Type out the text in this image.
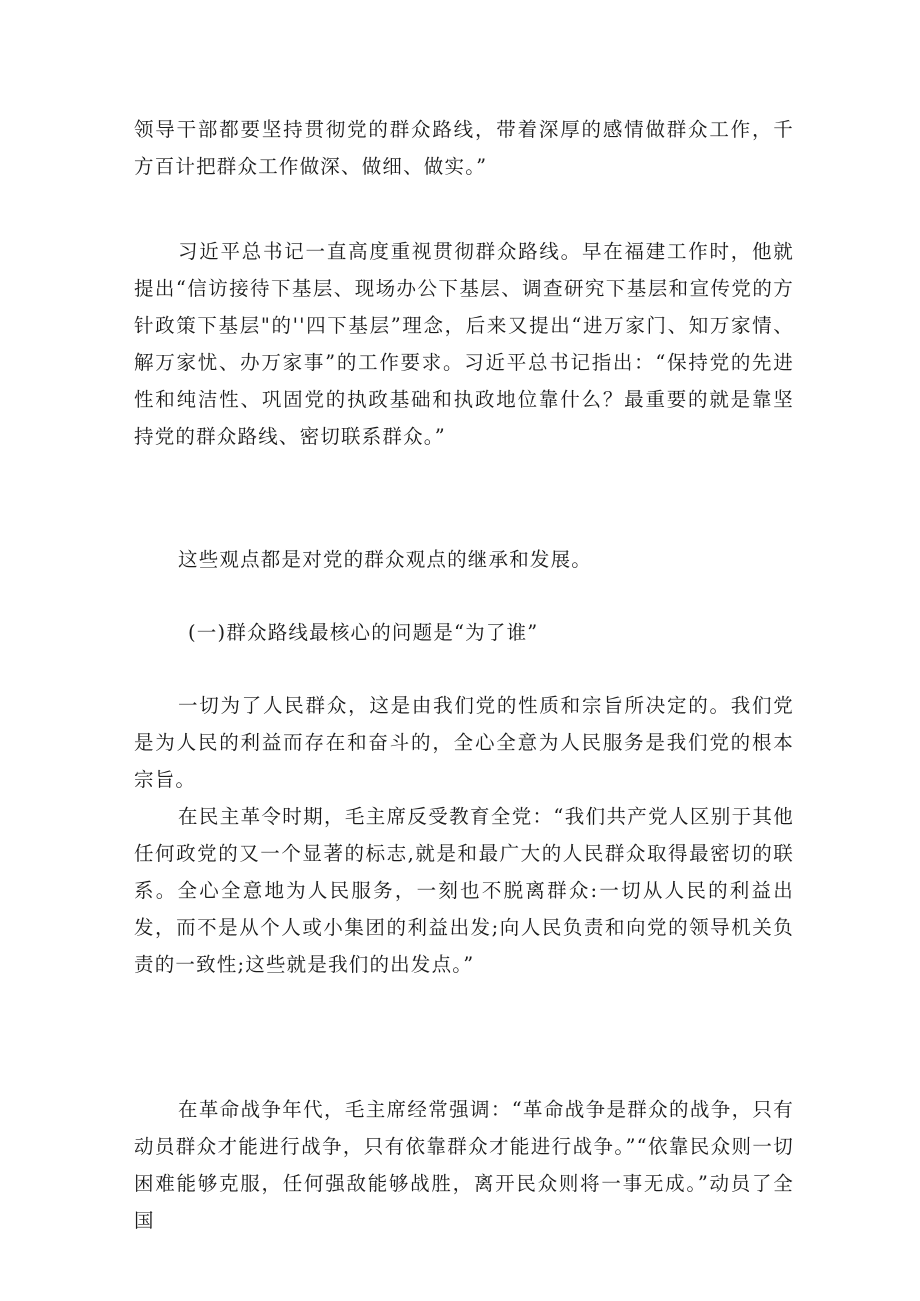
领导干部都要坚持贯彻党的群众路线，带着深厚的感情做群众工作，千方百计把群众工作做深、做细、做实。”

习近平总书记一直高度重视贯彻群众路线。早在福建工作时，他就提出“信访接待下基层、现场办公下基层、调查研究下基层和宣传党的方针政策下基层"的''四下基层”理念，后来又提出“进万家门、知万家情、解万家忧、办万家事”的工作要求。习近平总书记指出：“保持党的先进性和纯洁性、巩固党的执政基础和执政地位靠什么？最重要的就是靠坚持党的群众路线、密切联系群众。”

这些观点都是对党的群众观点的继承和发展。

(一)群众路线最核心的问题是“为了谁”

一切为了人民群众，这是由我们党的性质和宗旨所决定的。我们党是为人民的利益而存在和奋斗的，全心全意为人民服务是我们党的根本宗旨。

在民主革令时期，毛主席反受教育全党：“我们共产党人区别于其他任何政党的又一个显著的标志,就是和最广大的人民群众取得最密切的联系。全心全意地为人民服务，一刻也不脱离群众:一切从人民的利益出发，而不是从个人或小集团的利益出发;向人民负责和向党的领导机关负责的一致性;这些就是我们的出发点。”

在革命战争年代，毛主席经常强调：“革命战争是群众的战争，只有动员群众才能进行战争，只有依靠群众才能进行战争。”“依靠民众则一切困难能够克服，任何强敌能够战胜，离开民众则将一事无成。”动员了全国
